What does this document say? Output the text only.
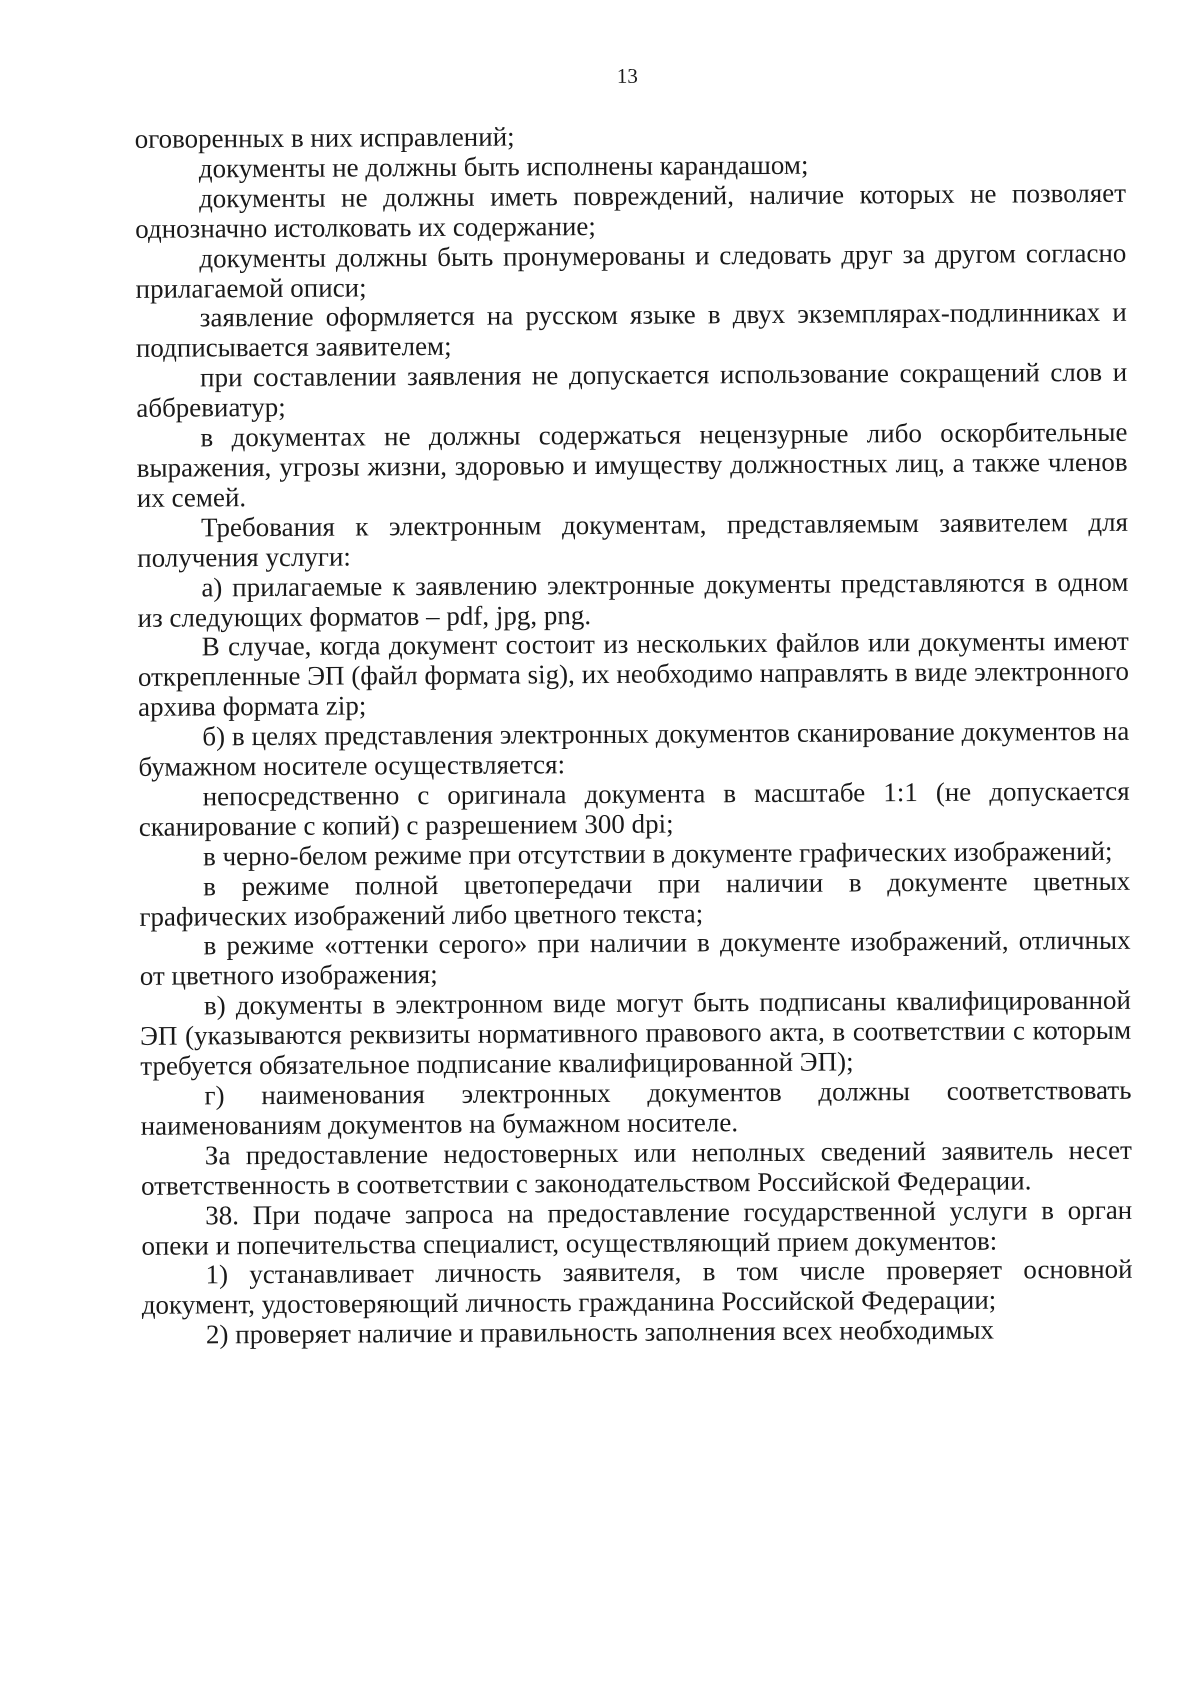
13

оговоренных в них исправлений;

документы не должны быть исполнены карандашом;

документы не должны иметь повреждений, наличие которых не позволяет однозначно истолковать их содержание;

документы должны быть пронумерованы и следовать друг за другом согласно прилагаемой описи;

заявление оформляется на русском языке в двух экземплярах-подлинниках и подписывается заявителем;

при составлении заявления не допускается использование сокращений слов и аббревиатур;

в документах не должны содержаться нецензурные либо оскорбительные выражения, угрозы жизни, здоровью и имуществу должностных лиц, а также членов их семей.

Требования к электронным документам, представляемым заявителем для получения услуги:

а) прилагаемые к заявлению электронные документы представляются в одном из следующих форматов – pdf, jpg, png.

В случае, когда документ состоит из нескольких файлов или документы имеют открепленные ЭП (файл формата sig), их необходимо направлять в виде электронного архива формата zip;

б) в целях представления электронных документов сканирование документов на бумажном носителе осуществляется:

непосредственно с оригинала документа в масштабе 1:1 (не допускается сканирование с копий) с разрешением 300 dpi;

в черно-белом режиме при отсутствии в документе графических изображений;

в режиме полной цветопередачи при наличии в документе цветных графических изображений либо цветного текста;

в режиме «оттенки серого» при наличии в документе изображений, отличных от цветного изображения;

в) документы в электронном виде могут быть подписаны квалифицированной ЭП (указываются реквизиты нормативного правового акта, в соответствии с которым требуется обязательное подписание квалифицированной ЭП);

г) наименования электронных документов должны соответствовать наименованиям документов на бумажном носителе.

За предоставление недостоверных или неполных сведений заявитель несет ответственность в соответствии с законодательством Российской Федерации.

38. При подаче запроса на предоставление государственной услуги в орган опеки и попечительства специалист, осуществляющий прием документов:

1) устанавливает личность заявителя, в том числе проверяет основной документ, удостоверяющий личность гражданина Российской Федерации;

2) проверяет наличие и правильность заполнения всех необходимых
